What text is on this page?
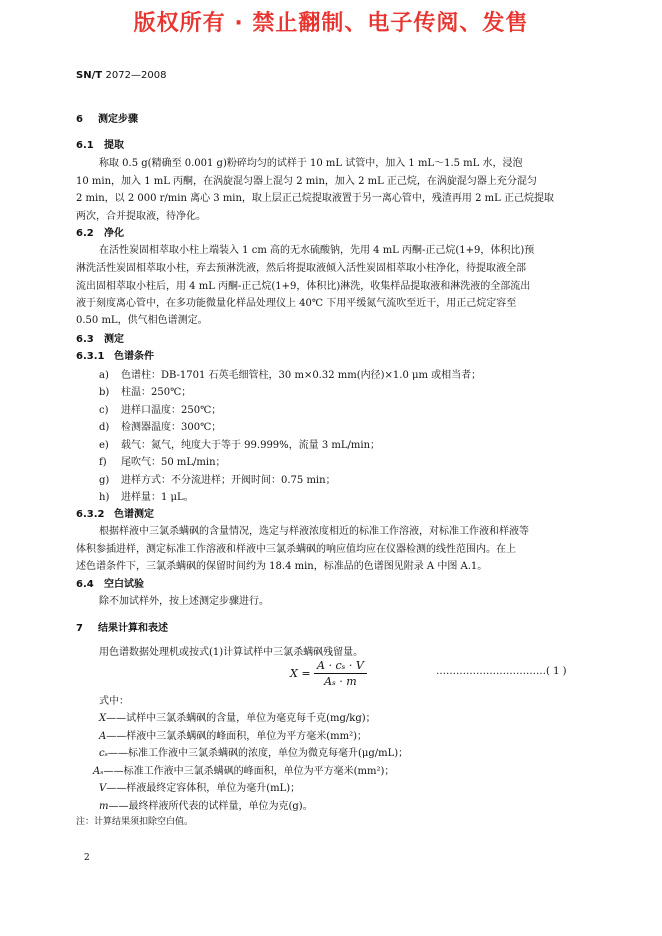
版权所有 · 禁止翻制、电子传阅、发售
SN/T 2072—2008
6 测定步骤
6.1 提取
称取 0.5 g(精确至 0.001 g)粉碎均匀的试样于 10 mL 试管中，加入 1 mL～1.5 mL 水，浸泡
10 min，加入 1 mL 丙酮，在涡旋混匀器上混匀 2 min，加入 2 mL 正己烷，在涡旋混匀器上充分混匀
2 min，以 2 000 r/min 离心 3 min，取上层正己烷提取液置于另一离心管中，残渣再用 2 mL 正己烷提取
两次，合并提取液，待净化。
6.2 净化
在活性炭固相萃取小柱上端装入 1 cm 高的无水硫酸钠，先用 4 mL 丙酮-正己烷(1+9，体积比)预
淋洗活性炭固相萃取小柱，弃去预淋洗液，然后将提取液倾入活性炭固相萃取小柱净化，待提取液全部
流出固相萃取小柱后，用 4 mL 丙酮-正己烷(1+9，体积比)淋洗，收集样品提取液和淋洗液的全部流出
液于刻度离心管中，在多功能微量化样品处理仪上 40℃ 下用平缓氮气流吹至近干，用正己烷定容至
0.50 mL，供气相色谱测定。
6.3 测定
6.3.1 色谱条件
a) 色谱柱：DB-1701 石英毛细管柱，30 m×0.32 mm(内径)×1.0 μm 或相当者；
b) 柱温：250℃；
c) 进样口温度：250℃；
d) 检测器温度：300℃；
e) 载气：氮气，纯度大于等于 99.999%，流量 3 mL/min；
f) 尾吹气：50 mL/min；
g) 进样方式：不分流进样；开阀时间：0.75 min；
h) 进样量：1 μL。
6.3.2 色谱测定
根据样液中三氯杀螨砜的含量情况，选定与样液浓度相近的标准工作溶液，对标准工作液和样液等
体积参插进样，测定标准工作溶液和样液中三氯杀螨砜的响应值均应在仪器检测的线性范围内。在上
述色谱条件下，三氯杀螨砜的保留时间约为 18.4 min，标准品的色谱图见附录 A 中图 A.1。
6.4 空白试验
除不加试样外，按上述测定步骤进行。
7 结果计算和表述
用色谱数据处理机或按式(1)计算试样中三氯杀螨砜残留量。
$X = \frac{\text{A · cₛ · V}}{\text{Aₛ · m}}$	……………………………( 1 )
式中：
X——试样中三氯杀螨砜的含量，单位为毫克每千克(mg/kg)；
A——样液中三氯杀螨砜的峰面积，单位为平方毫米(mm²)；
cₛ——标准工作液中三氯杀螨砜的浓度，单位为微克每毫升(μg/mL)；
Aₛ——标准工作液中三氯杀螨砜的峰面积，单位为平方毫米(mm²)；
V——样液最终定容体积，单位为毫升(mL)；
m——最终样液所代表的试样量，单位为克(g)。
注：计算结果须扣除空白值。
2
